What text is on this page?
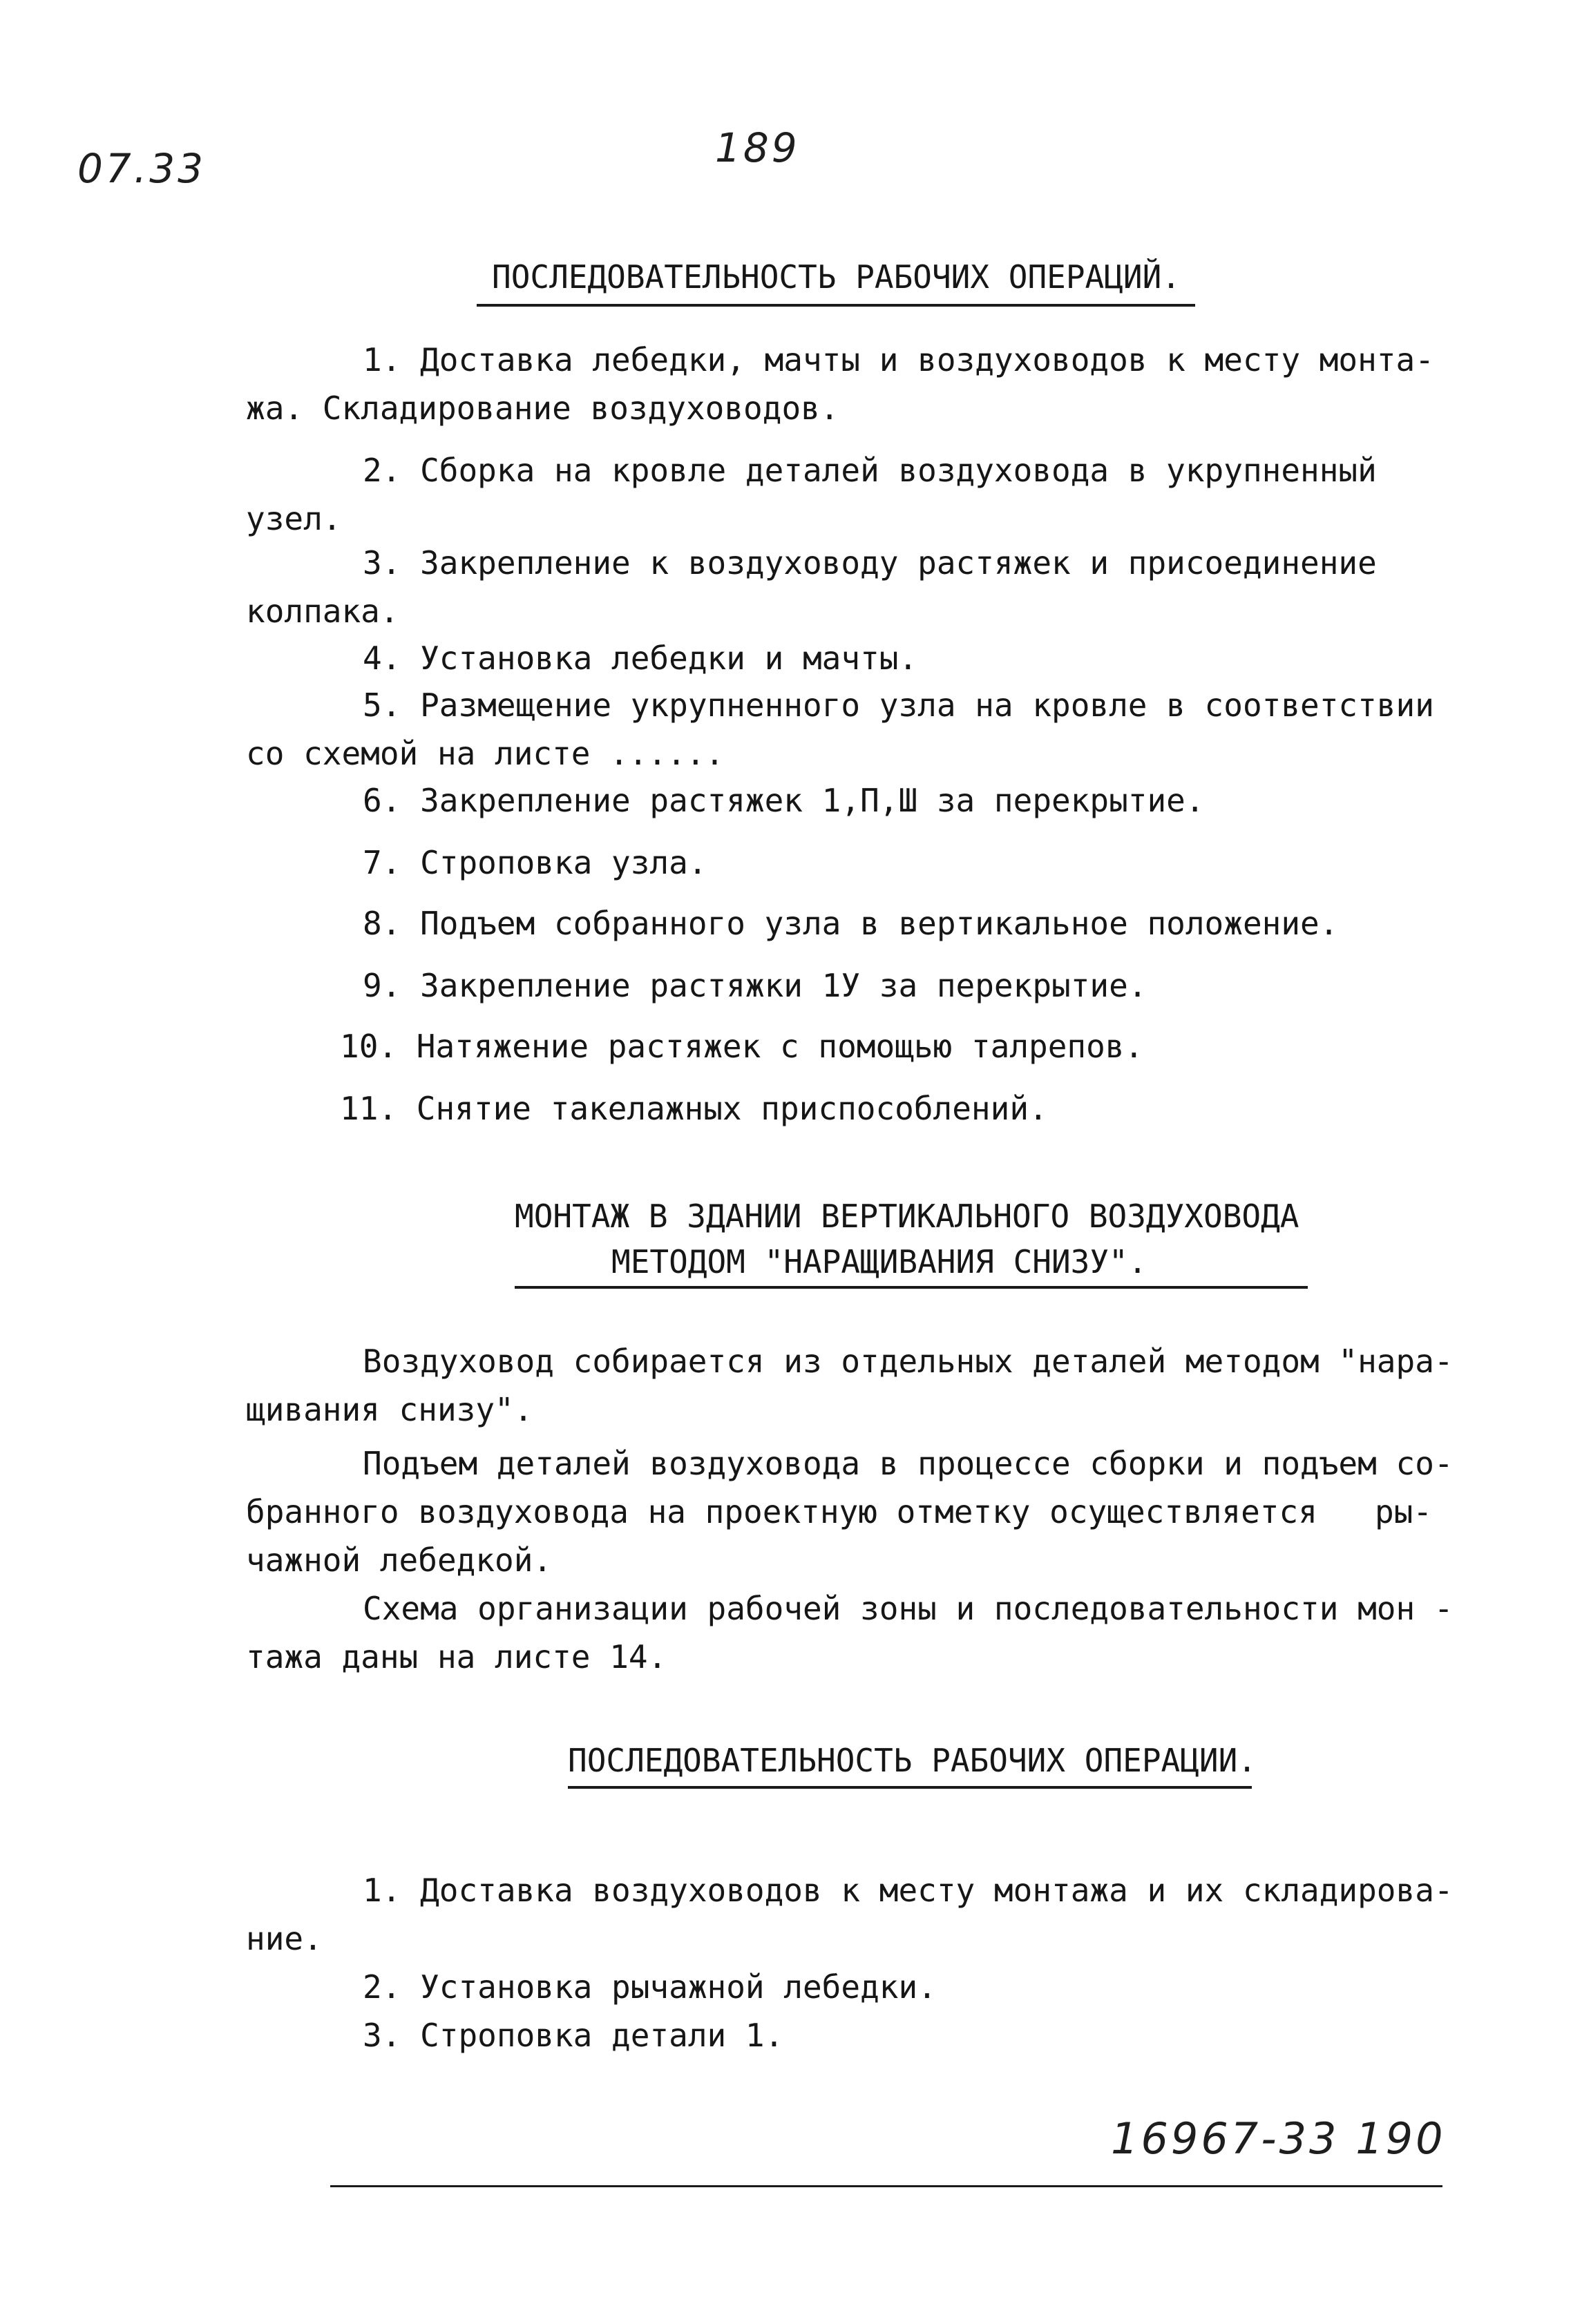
07.33	189
ПОСЛЕДОВАТЕЛЬНОСТЬ РАБОЧИХ ОПЕРАЦИЙ.
1. Доставка лебедки, мачты и воздуховодов к месту монта-
жа. Складирование воздуховодов.
2. Сборка на кровле деталей воздуховода в укрупненный
узел.
3. Закрепление к воздуховоду растяжек и присоединение
колпака.
4. Установка лебедки и мачты.
5. Размещение укрупненного узла на кровле в соответствии
со схемой на листе ......
6. Закрепление растяжек 1,П,Ш за перекрытие.
7. Строповка узла.
8. Подъем собранного узла в вертикальное положение.
9. Закрепление растяжки 1У за перекрытие.
10. Натяжение растяжек с помощью талрепов.
11. Снятие такелажных приспособлений.
МОНТАЖ В ЗДАНИИ ВЕРТИКАЛЬНОГО ВОЗДУХОВОДА
МЕТОДОМ "НАРАЩИВАНИЯ СНИЗУ".
Воздуховод собирается из отдельных деталей методом "нара-
щивания снизу".
Подъем деталей воздуховода в процессе сборки и подъем со-
бранного воздуховода на проектную отметку осуществляется   ры-
чажной лебедкой.
Схема организации рабочей зоны и последовательности мон -
тажа даны на листе 14.
ПОСЛЕДОВАТЕЛЬНОСТЬ РАБОЧИХ ОПЕРАЦИИ.
1. Доставка воздуховодов к месту монтажа и их складирова-
ние.
2. Установка рычажной лебедки.
3. Строповка детали 1.
16967-33 190
